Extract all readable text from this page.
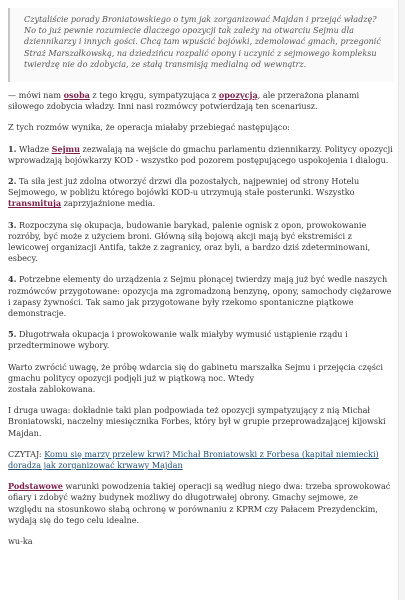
Czytaliście porady Broniatowskiego o tym jak zorganizować Majdan i przejąć władzę? No to już pewnie rozumiecie dlaczego opozycji tak zależy na otwarciu Sejmu dla dziennikarzy i innych gości. Chcą tam wpuścić bojówki, zdemolować gmach, przegonić Straż Marszałkowską, na dziedzińcu rozpalić opony i uczynić z sejmowego kompleksu twierdzę nie do zdobycia, ze stałą transmisją medialną od wewnątrz.

— mówi nam osoba z tego kręgu, sympatyzująca z opozycją, ale przerażona planami siłowego zdobycia władzy. Inni nasi rozmówcy potwierdzają ten scenariusz.

Z tych rozmów wynika, że operacja miałaby przebiegać następująco:

1. Władze Sejmu zezwalają na wejście do gmachu parlamentu dziennikarzy. Politycy opozycji wprowadzają bojówkarzy KOD - wszystko pod pozorem postępującego uspokojenia i dialogu.

2. Ta siła jest już zdolna otworzyć drzwi dla pozostałych, najpewniej od strony Hotelu Sejmowego, w pobliżu którego bojówki KOD-u utrzymują stałe posterunki. Wszystko transmitują zaprzyjaźnione media.

3. Rozpoczyna się okupacja, budowanie barykad, palenie ognisk z opon, prowokowanie rozróby, być może z użyciem broni. Główną siłą bojową akcji mają być ekstremiści z lewicowej organizacji Antifa, także z zagranicy, oraz byli, a bardzo dziś zdeterminowani, esbecy.

4. Potrzebne elementy do urządzenia z Sejmu płonącej twierdzy mają już być wedle naszych rozmówców przygotowane: opozycja ma zgromadzoną benzynę, opony, samochody ciężarowe i zapasy żywności. Tak samo jak przygotowane były rzekomo spontaniczne piątkowe demonstracje.

5. Długotrwała okupacja i prowokowanie walk miałyby wymusić ustąpienie rządu i przedterminowe wybory.

Warto zwrócić uwagę, że próbę wdarcia się do gabinetu marszałka Sejmu i przejęcia części gmachu politycy opozycji podjęli już w piątkową noc. Wtedy
została zablokowana.

I druga uwaga: dokładnie taki plan podpowiada też opozycji sympatyzujący z nią Michał Broniatowski, naczelny miesięcznika Forbes, który był w grupie przeprowadzającej kijowski Majdan.

CZYTAJ: Komu się marzy przelew krwi? Michał Broniatowski z Forbesa (kapitał niemiecki) doradza jak zorganizować krwawy Majdan

Podstawowe warunki powodzenia takiej operacji są według niego dwa: trzeba sprowokować ofiary i zdobyć ważny budynek możliwy do długotrwałej obrony. Gmachy sejmowe, ze względu na stosunkowo słabą ochronę w porównaniu z KPRM czy Pałacem Prezydenckim, wydają się do tego celu idealne.

wu-ka
